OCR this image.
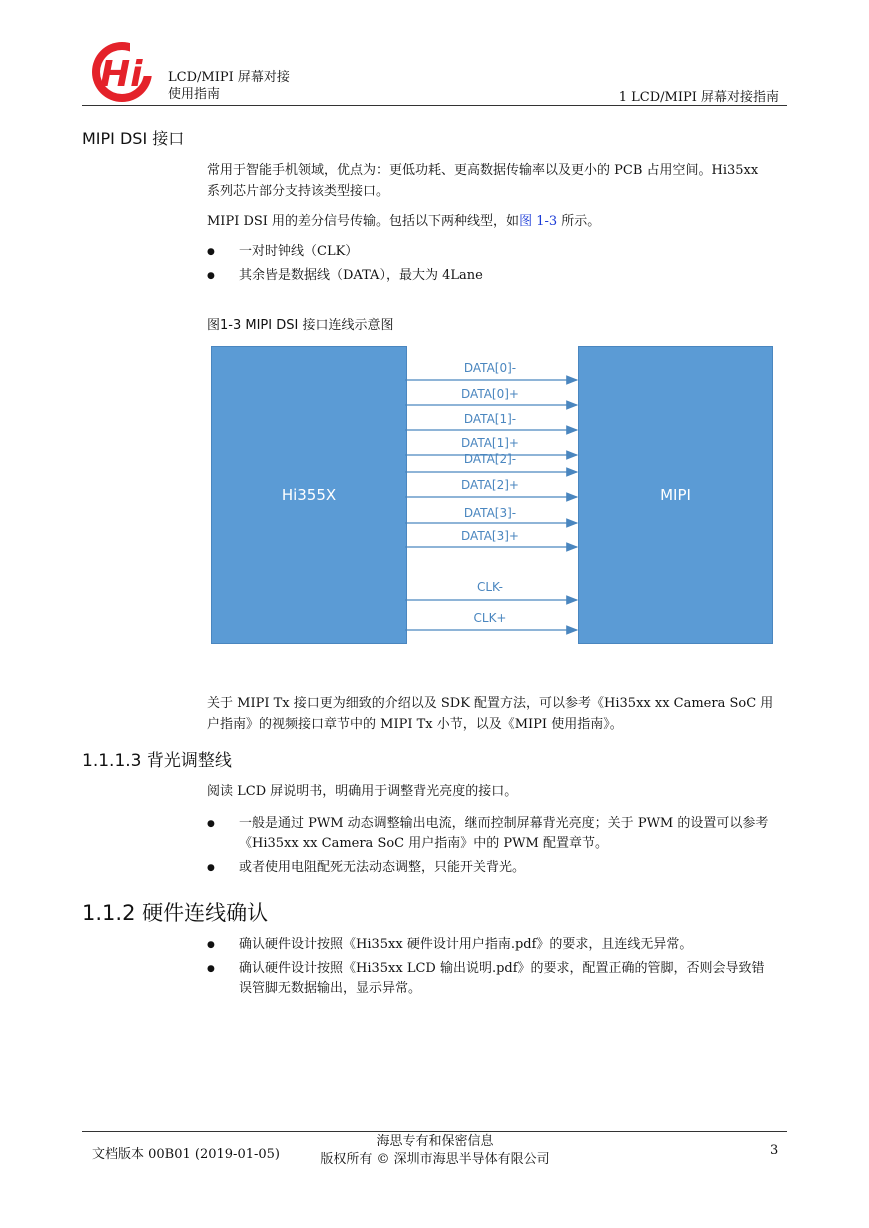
Hi LCD/MIPI 屏幕对接
使用指南	1 LCD/MIPI 屏幕对接指南
MIPI DSI 接口
常用于智能手机领域，优点为：更低功耗、更高数据传输率以及更小的 PCB 占用空间。Hi35xx 系列芯片部分支持该类型接口。
MIPI DSI 用的差分信号传输。包括以下两种线型，如图 1-3 所示。
● 一对时钟线（CLK）
● 其余皆是数据线（DATA），最大为 4Lane
图1-3 MIPI DSI 接口连线示意图
Hi355X	MIPI
DATA[0]-
DATA[0]+
DATA[1]-
DATA[1]+
DATA[2]-
DATA[2]+
DATA[3]-
DATA[3]+
CLK-
CLK+
关于 MIPI Tx 接口更为细致的介绍以及 SDK 配置方法，可以参考《Hi35xx xx Camera SoC 用户指南》的视频接口章节中的 MIPI Tx 小节，以及《MIPI 使用指南》。
1.1.1.3 背光调整线
阅读 LCD 屏说明书，明确用于调整背光亮度的接口。
● 一般是通过 PWM 动态调整输出电流，继而控制屏幕背光亮度；关于 PWM 的设置可以参考《Hi35xx xx Camera SoC 用户指南》中的 PWM 配置章节。
● 或者使用电阻配死无法动态调整，只能开关背光。
1.1.2 硬件连线确认
● 确认硬件设计按照《Hi35xx 硬件设计用户指南.pdf》的要求，且连线无异常。
● 确认硬件设计按照《Hi35xx LCD 输出说明.pdf》的要求，配置正确的管脚，否则会导致错误管脚无数据输出，显示异常。
文档版本 00B01 (2019-01-05)
海思专有和保密信息
版权所有 © 深圳市海思半导体有限公司
3
